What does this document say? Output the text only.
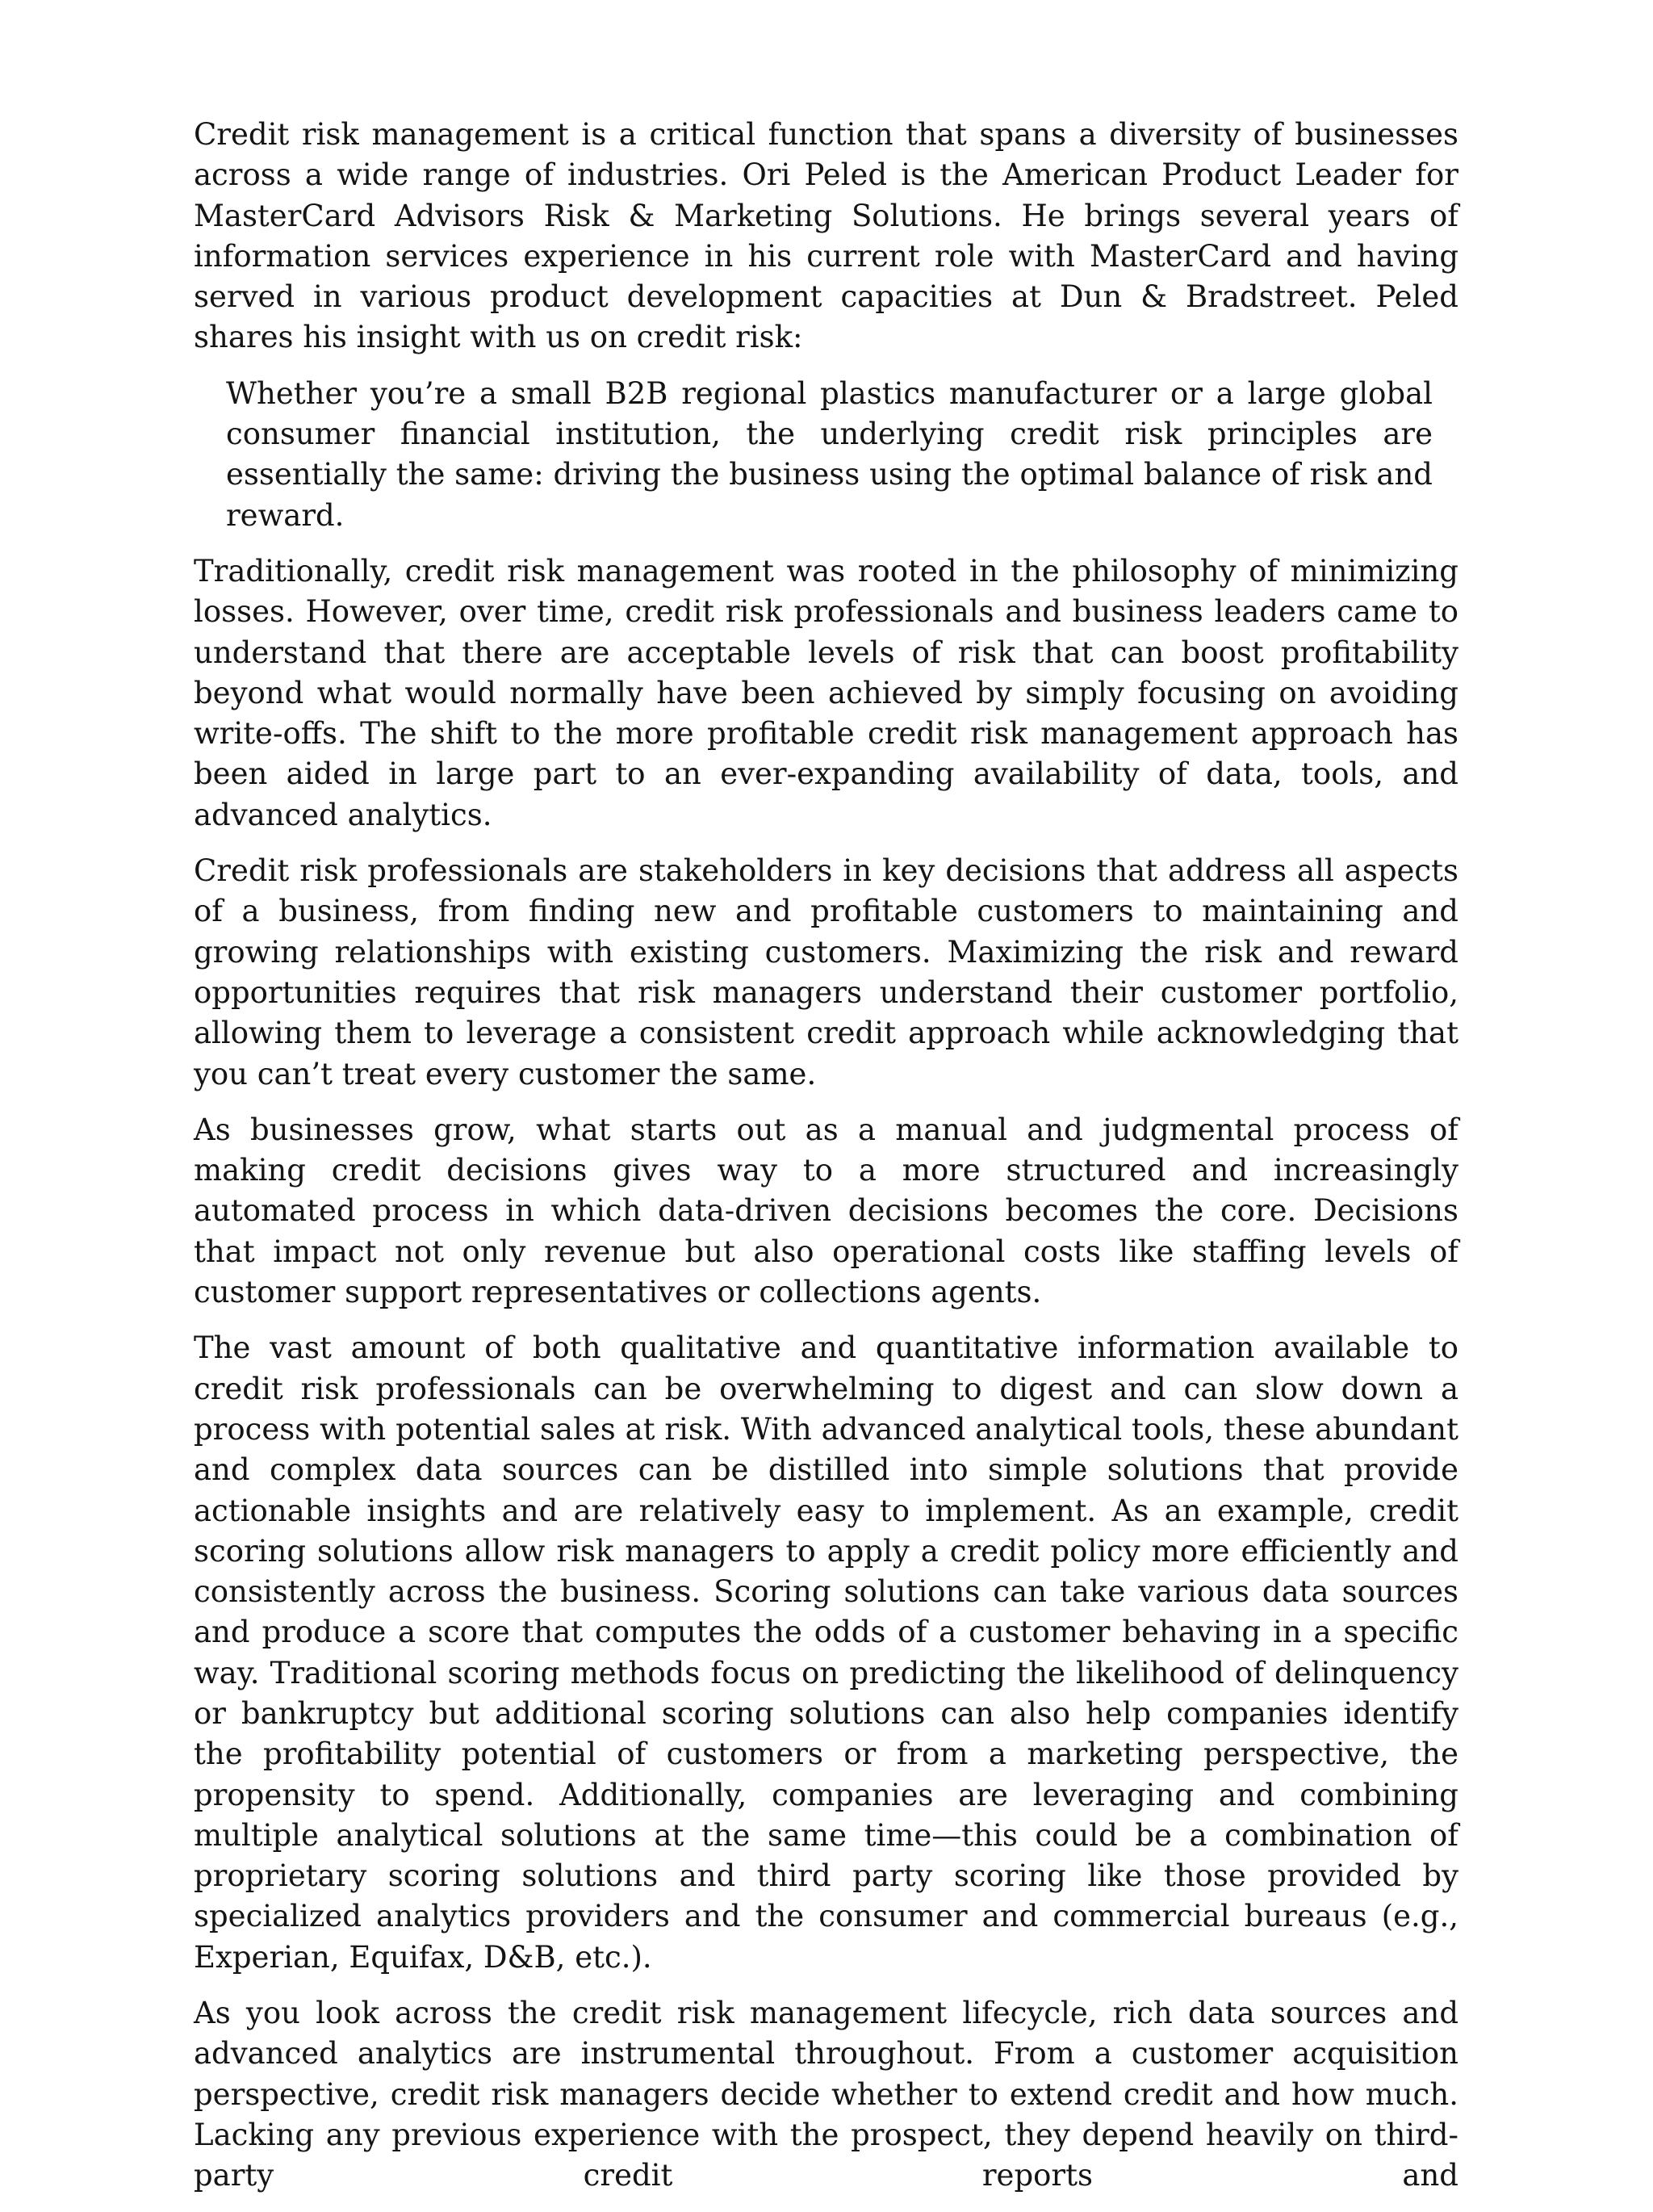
Credit risk management is a critical function that spans a diversity of businesses across a wide range of industries. Ori Peled is the American Product Leader for MasterCard Advisors Risk & Marketing Solutions. He brings several years of information services experience in his current role with MasterCard and having served in various product development capacities at Dun & Bradstreet. Peled shares his insight with us on credit risk:

Whether you’re a small B2B regional plastics manufacturer or a large global consumer financial institution, the underlying credit risk principles are essentially the same: driving the business using the optimal balance of risk and reward.

Traditionally, credit risk management was rooted in the philosophy of minimizing losses. However, over time, credit risk professionals and business leaders came to understand that there are acceptable levels of risk that can boost profitability beyond what would normally have been achieved by simply focusing on avoiding write-offs. The shift to the more profitable credit risk management approach has been aided in large part to an ever-expanding availability of data, tools, and advanced analytics.

Credit risk professionals are stakeholders in key decisions that address all aspects of a business, from finding new and profitable customers to maintaining and growing relationships with existing customers. Maximizing the risk and reward opportunities requires that risk managers understand their customer portfolio, allowing them to leverage a consistent credit approach while acknowledging that you can’t treat every customer the same.

As businesses grow, what starts out as a manual and judgmental process of making credit decisions gives way to a more structured and increasingly automated process in which data-driven decisions becomes the core. Decisions that impact not only revenue but also operational costs like staffing levels of customer support representatives or collections agents.

The vast amount of both qualitative and quantitative information available to credit risk professionals can be overwhelming to digest and can slow down a process with potential sales at risk. With advanced analytical tools, these abundant and complex data sources can be distilled into simple solutions that provide actionable insights and are relatively easy to implement. As an example, credit scoring solutions allow risk managers to apply a credit policy more efficiently and consistently across the business. Scoring solutions can take various data sources and produce a score that computes the odds of a customer behaving in a specific way. Traditional scoring methods focus on predicting the likelihood of delinquency or bankruptcy but additional scoring solutions can also help companies identify the profitability potential of customers or from a marketing perspective, the propensity to spend. Additionally, companies are leveraging and combining multiple analytical solutions at the same time—this could be a combination of proprietary scoring solutions and third party scoring like those provided by specialized analytics providers and the consumer and commercial bureaus (e.g., Experian, Equifax, D&B, etc.).

As you look across the credit risk management lifecycle, rich data sources and advanced analytics are instrumental throughout. From a customer acquisition perspective, credit risk managers decide whether to extend credit and how much. Lacking any previous experience with the prospect, they depend heavily on third-party credit reports and
